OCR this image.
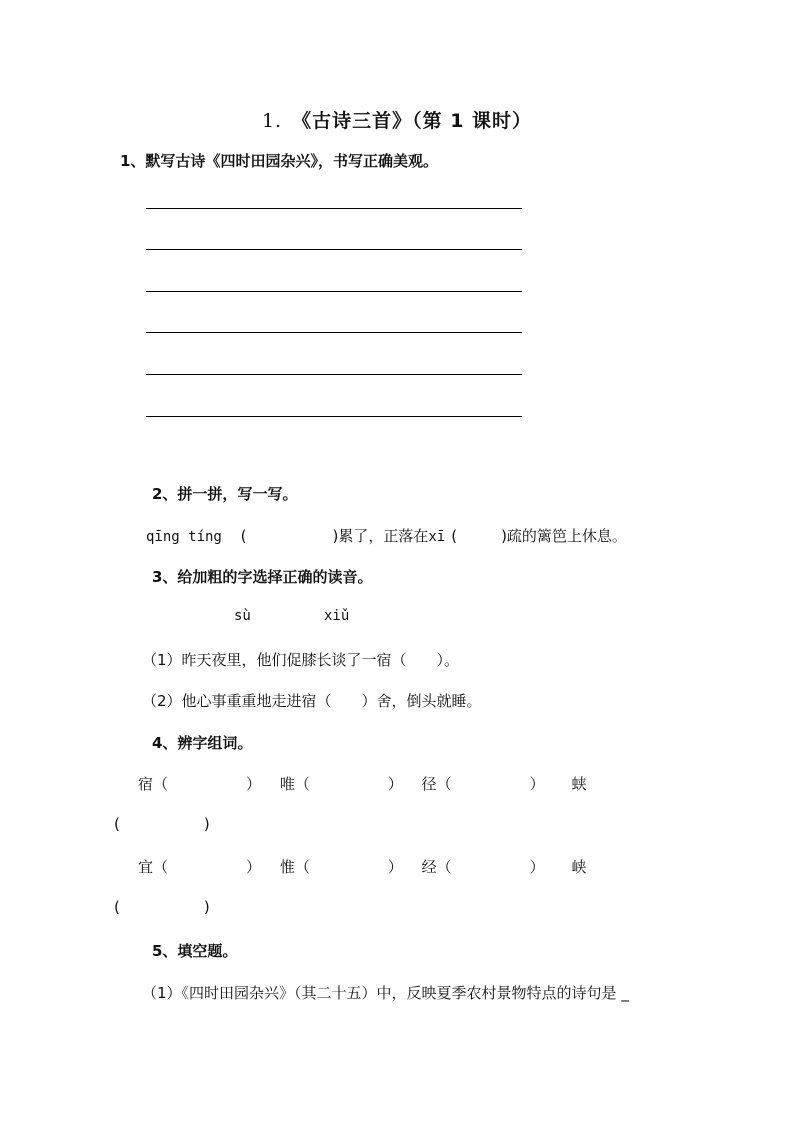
1. 《古诗三首》（第 1 课时）
1、默写古诗《四时田园杂兴》，书写正确美观。
2、拼一拼，写一写。
qīng tíng (	)累了，正落在xī (	)疏的篱笆上休息。
3、给加粗的字选择正确的读音。
sù	xiǔ
（1）昨天夜里，他们促膝长谈了一宿（　　）。
（2）他心事重重地走进宿（　　）舍，倒头就睡。
4、辨字组词。
宿（	） 唯（	） 径（	） 蛱
(	)
宜（	） 惟（	） 经（	） 峡
(	)
5、填空题。
（1）《四时田园杂兴》（其二十五）中，反映夏季农村景物特点的诗句是 _
